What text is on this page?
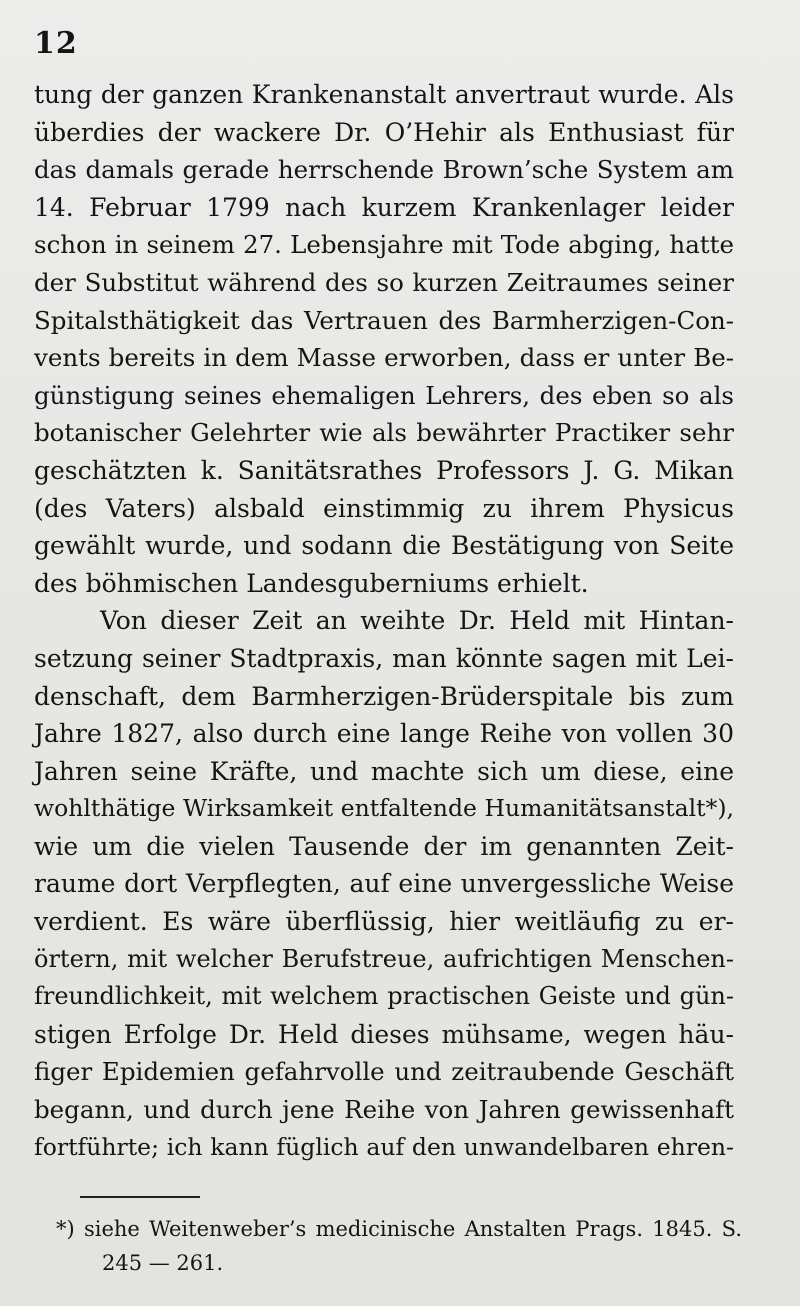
12
tung der ganzen Krankenanstalt anvertraut wurde. Als
überdies der wackere Dr. O’Hehir als Enthusiast für
das damals gerade herrschende Brown’sche System am
14. Februar 1799 nach kurzem Krankenlager leider
schon in seinem 27. Lebensjahre mit Tode abging, hatte
der Substitut während des so kurzen Zeitraumes seiner
Spitalsthätigkeit das Vertrauen des Barmherzigen-Con-
vents bereits in dem Masse erworben, dass er unter Be-
günstigung seines ehemaligen Lehrers, des eben so als
botanischer Gelehrter wie als bewährter Practiker sehr
geschätzten k. Sanitätsrathes Professors J. G. Mikan
(des Vaters) alsbald einstimmig zu ihrem Physicus
gewählt wurde, und sodann die Bestätigung von Seite
des böhmischen Landesguberniums erhielt.
Von dieser Zeit an weihte Dr. Held mit Hintan-
setzung seiner Stadtpraxis, man könnte sagen mit Lei-
denschaft, dem Barmherzigen-Brüderspitale bis zum
Jahre 1827, also durch eine lange Reihe von vollen 30
Jahren seine Kräfte, und machte sich um diese, eine
wohlthätige Wirksamkeit entfaltende Humanitätsanstalt*),
wie um die vielen Tausende der im genannten Zeit-
raume dort Verpflegten, auf eine unvergessliche Weise
verdient. Es wäre überflüssig, hier weitläufig zu er-
örtern, mit welcher Berufstreue, aufrichtigen Menschen-
freundlichkeit, mit welchem practischen Geiste und gün-
stigen Erfolge Dr. Held dieses mühsame, wegen häu-
figer Epidemien gefahrvolle und zeitraubende Geschäft
begann, und durch jene Reihe von Jahren gewissenhaft
fortführte; ich kann füglich auf den unwandelbaren ehren-
*) siehe Weitenweber’s medicinische Anstalten Prags. 1845. S.
245 — 261.
